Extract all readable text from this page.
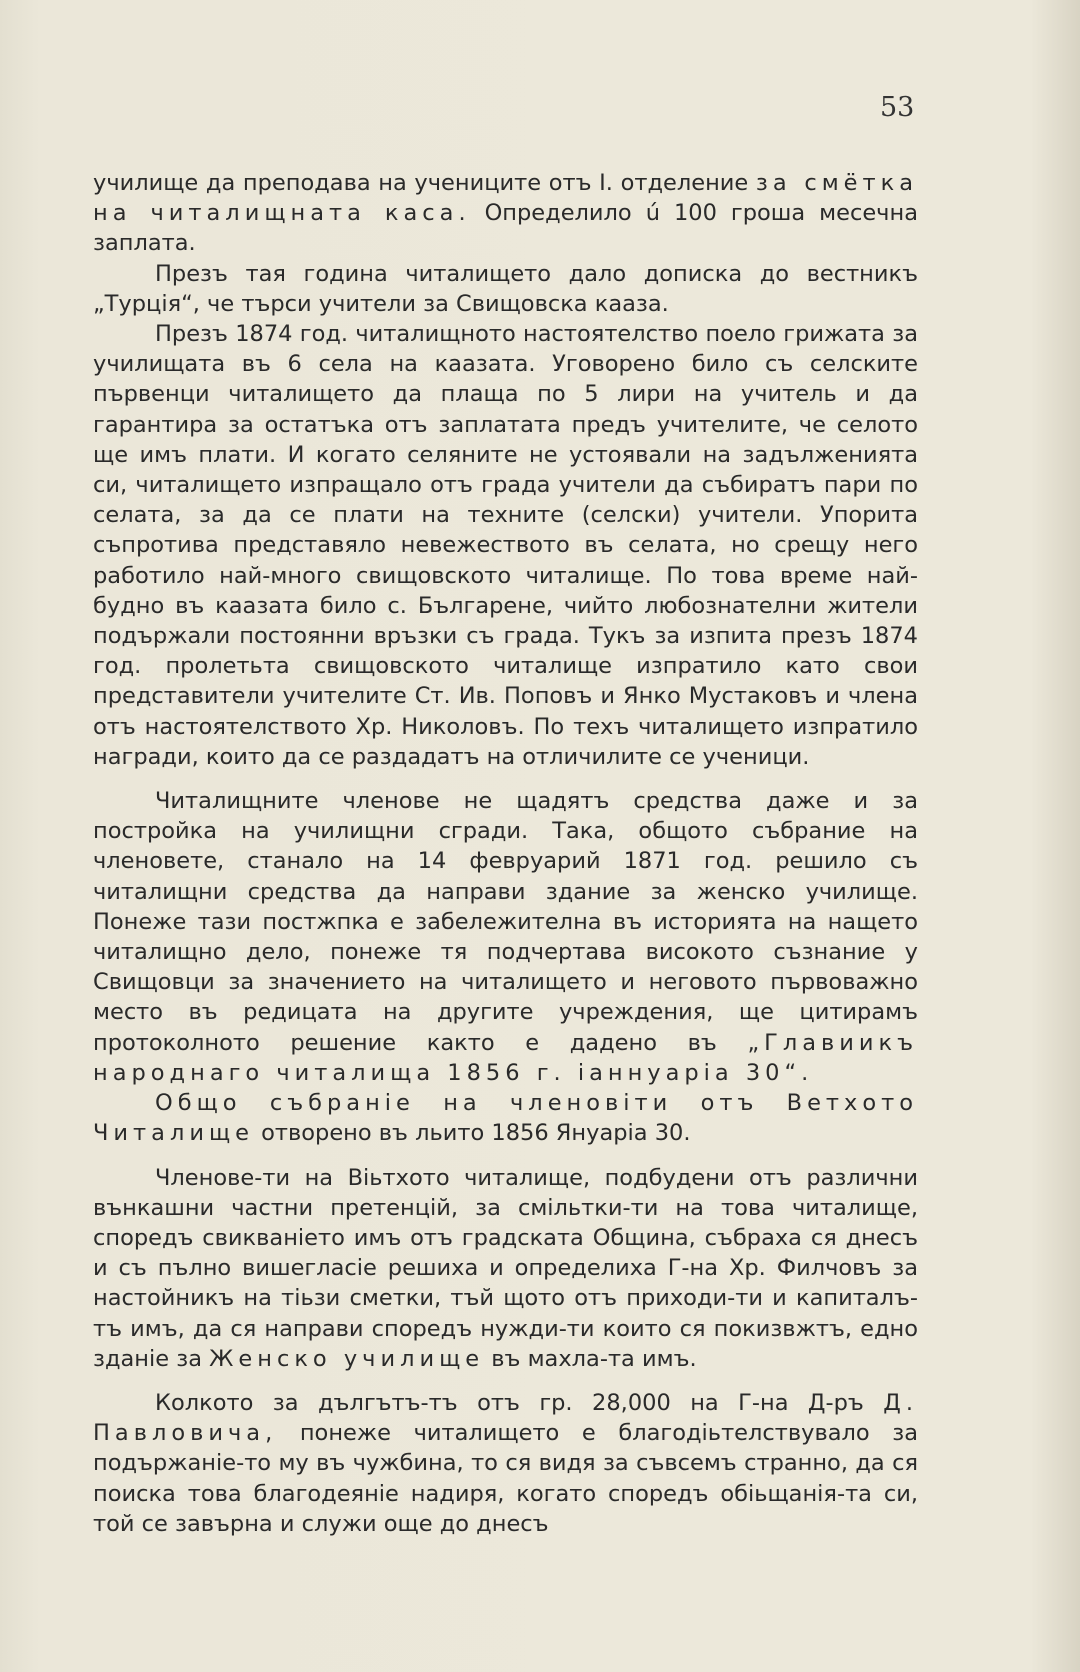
53

училище да преподава на учениците отъ I. отделение за смётка на читалищната каса. Определило ú 100 гроша месечна заплата.

Презъ тая година читалището дало дописка до вестникъ „Турція“, че търси учители за Свищовска кааза.

Презъ 1874 год. читалищното настоятелство поело грижата за училищата въ 6 села на каазата. Уговорено било съ селските първенци читалището да плаща по 5 лири на учитель и да гарантира за остатъка отъ заплатата предъ учителите, че селото ще имъ плати. И когато селяните не устоявали на задълженията си, читалището изпращало отъ града учители да събиратъ пари по селата, за да се плати на техните (селски) учители. Упорита съпротива представяло невежеството въ селата, но срещу него работило най-много свищовското читалище. По това време най-будно въ каазата било с. Българене, чийто любознателни жители подържали постоянни връзки съ града. Тукъ за изпита презъ 1874 год. пролетьта свищовското читалище изпратило като свои представители учителите Ст. Ив. Поповъ и Янко Мустаковъ и члена отъ настоятелството Хр. Николовъ. По техъ читалището изпратило награди, които да се раздадатъ на отличилите се ученици.

Читалищните членове не щадятъ средства даже и за постройка на училищни сгради. Така, общото събрание на членовете, станало на 14 февруарий 1871 год. решило съ читалищни средства да направи здание за женско училище. Понеже тази постжпка е забележителна въ историята на нащето читалищно дело, понеже тя подчертава високото съзнание у Свищовци за значението на читалището и неговото първоважно место въ редицата на другите учреждения, ще цитирамъ протоколното решение както е дадено въ „Главиикъ народнаго читалища 1856 г. іаннуаріа 30“.

Общо събраніе на членовіти отъ Ветхото Читалище отворено въ льито 1856 Януаріа 30.

Членове-ти на Віьтхото читалище, подбудени отъ различни вънкашни частни претенцій, за смільтки-ти на това читалище, споредъ свикваніето имъ отъ градската Община, събраха ся днесъ и съ пълно вишегласіе решиха и определиха Г-на Хр. Филчовъ за настойникъ на тіьзи сметки, тъй щото отъ приходи-ти и капиталъ-тъ имъ, да ся направи споредъ нужди-ти които ся покизвжтъ, едно зданіе за Женско училище въ махла-та имъ.

Колкото за дългътъ-тъ отъ гр. 28,000 на Г-на Д-ръ Д. Павловича, понеже читалището е благодіьтелствувало за подържаніе-то му въ чужбина, то ся видя за съвсемъ странно, да ся поиска това благодеяніе надиря, когато споредъ обіьщанія-та си, той се завърна и служи още до днесъ
